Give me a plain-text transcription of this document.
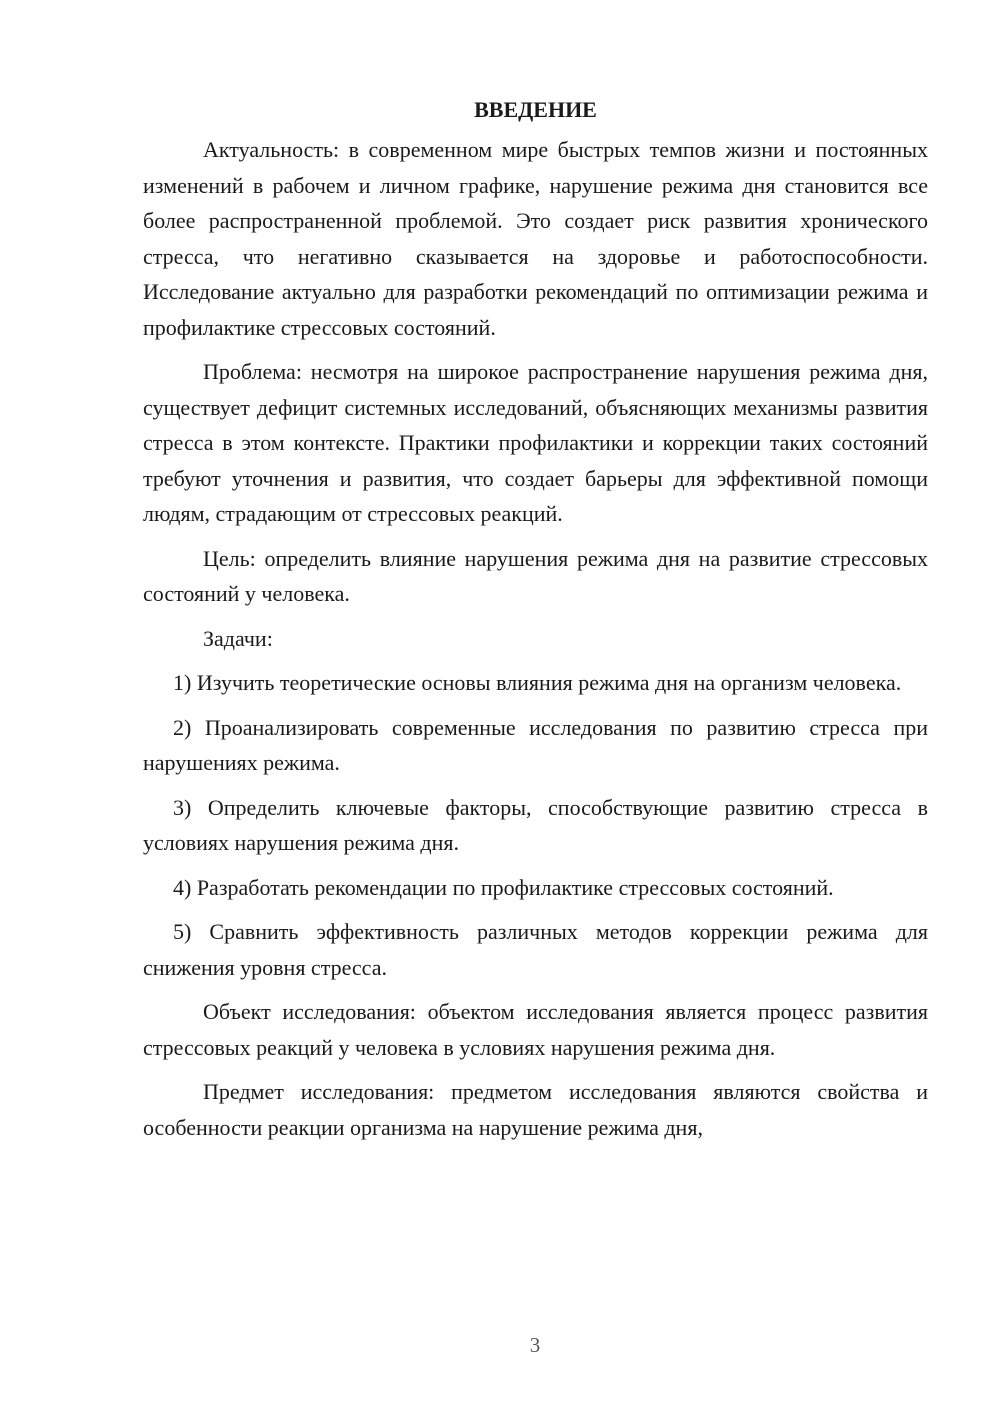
ВВЕДЕНИЕ

Актуальность: в современном мире быстрых темпов жизни и постоянных изменений в рабочем и личном графике, нарушение режима дня становится все более распространенной проблемой. Это создает риск развития хронического стресса, что негативно сказывается на здоровье и работоспособности. Исследование актуально для разработки рекомендаций по оптимизации режима и профилактике стрессовых состояний.

Проблема: несмотря на широкое распространение нарушения режима дня, существует дефицит системных исследований, объясняющих механизмы развития стресса в этом контексте. Практики профилактики и коррекции таких состояний требуют уточнения и развития, что создает барьеры для эффективной помощи людям, страдающим от стрессовых реакций.

Цель: определить влияние нарушения режима дня на развитие стрессовых состояний у человека.

Задачи:

1) Изучить теоретические основы влияния режима дня на организм человека.

2) Проанализировать современные исследования по развитию стресса при нарушениях режима.

3) Определить ключевые факторы, способствующие развитию стресса в условиях нарушения режима дня.

4) Разработать рекомендации по профилактике стрессовых состояний.

5) Сравнить эффективность различных методов коррекции режима для снижения уровня стресса.

Объект исследования: объектом исследования является процесс развития стрессовых реакций у человека в условиях нарушения режима дня.

Предмет исследования: предметом исследования являются свойства и особенности реакции организма на нарушение режима дня,

3
